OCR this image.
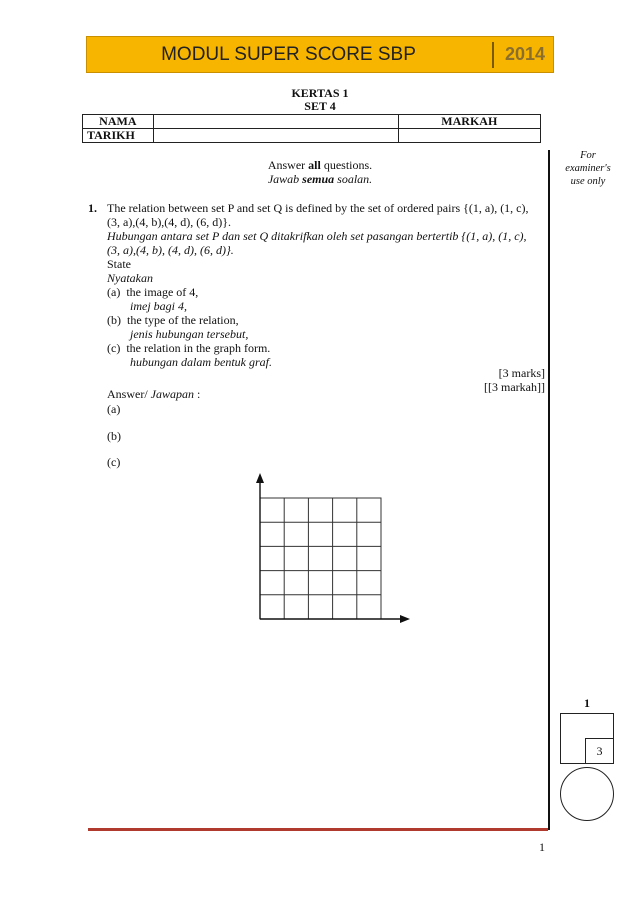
MODUL SUPER SCORE SBP	2014
KERTAS 1
SET 4
NAMA		MARKAH
TARIKH		
Answer all questions.
Jawab semua soalan.
For
examiner's
use only
1. The relation between set P and set Q is defined by the set of ordered pairs {(1, a), (1, c),
(3, a),(4, b),(4, d), (6, d)}.
Hubungan antara set P dan set Q ditakrifkan oleh set pasangan bertertib {(1, a), (1, c),
(3, a),(4, b), (4, d), (6, d)}.
State
Nyatakan
(a) the image of 4,
imej bagi 4,
(b) the type of the relation,
jenis hubungan tersebut,
(c) the relation in the graph form.
hubungan dalam bentuk graf.
[3 marks]
[[3 markah]]
Answer/ Jawapan :
(a)
(b)
(c)
1
3
1
